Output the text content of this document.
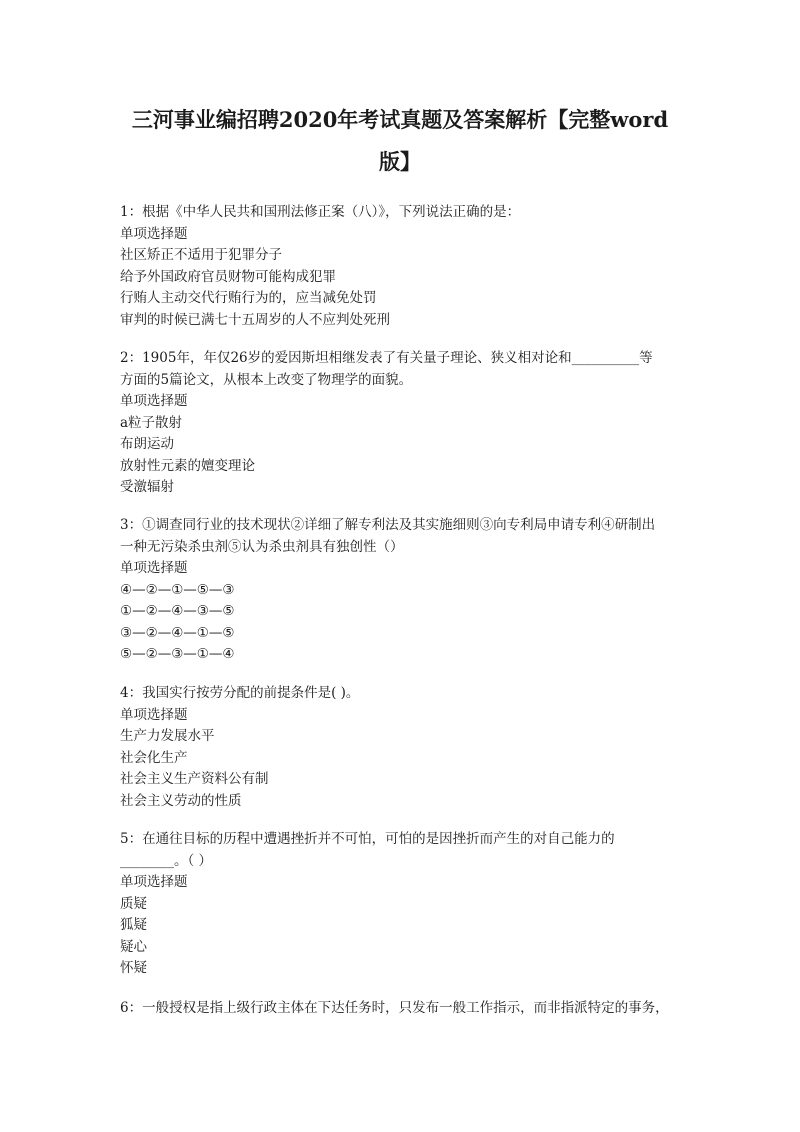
三河事业编招聘2020年考试真题及答案解析【完整word
版】
1：根据《中华人民共和国刑法修正案（八）》，下列说法正确的是：
单项选择题
社区矫正不适用于犯罪分子
给予外国政府官员财物可能构成犯罪
行贿人主动交代行贿行为的，应当减免处罚
审判的时候已满七十五周岁的人不应判处死刑
2：1905年，年仅26岁的爱因斯坦相继发表了有关量子理论、狭义相对论和__________等
方面的5篇论文，从根本上改变了物理学的面貌。
单项选择题
a粒子散射
布朗运动
放射性元素的嬗变理论
受激辐射
3：①调查同行业的技术现状②详细了解专利法及其实施细则③向专利局申请专利④研制出
一种无污染杀虫剂⑤认为杀虫剂具有独创性（）
单项选择题
④—②—①—⑤—③
①—②—④—③—⑤
③—②—④—①—⑤
⑤—②—③—①—④
4：我国实行按劳分配的前提条件是( )。
单项选择题
生产力发展水平
社会化生产
社会主义生产资料公有制
社会主义劳动的性质
5：在通往目标的历程中遭遇挫折并不可怕，可怕的是因挫折而产生的对自己能力的
________。（ ）
单项选择题
质疑
狐疑
疑心
怀疑
6：一般授权是指上级行政主体在下达任务时，只发布一般工作指示，而非指派特定的事务，
